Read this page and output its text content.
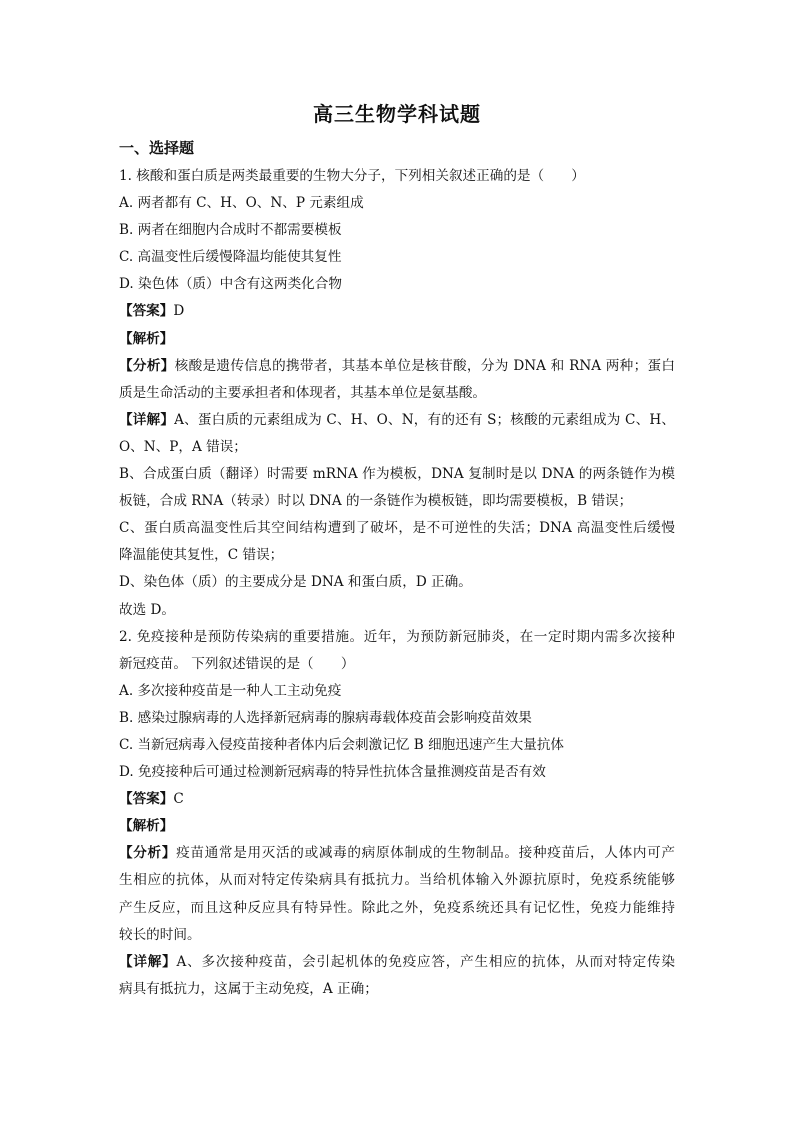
高三生物学科试题
一、选择题

1. 核酸和蛋白质是两类最重要的生物大分子，下列相关叙述正确的是（　　）

A. 两者都有 C、H、O、N、P 元素组成

B. 两者在细胞内合成时不都需要模板

C. 高温变性后缓慢降温均能使其复性

D. 染色体（质）中含有这两类化合物

【答案】D

【解析】

【分析】核酸是遗传信息的携带者，其基本单位是核苷酸，分为 DNA 和 RNA 两种；蛋白

质是生命活动的主要承担者和体现者，其基本单位是氨基酸。

【详解】A、蛋白质的元素组成为 C、H、O、N，有的还有 S；核酸的元素组成为 C、H、

O、N、P，A 错误；

B、合成蛋白质（翻译）时需要 mRNA 作为模板，DNA 复制时是以 DNA 的两条链作为模

板链，合成 RNA（转录）时以 DNA 的一条链作为模板链，即均需要模板，B 错误；

C、蛋白质高温变性后其空间结构遭到了破坏，是不可逆性的失活；DNA 高温变性后缓慢

降温能使其复性，C 错误；

D、染色体（质）的主要成分是 DNA 和蛋白质，D 正确。

故选 D。

2. 免疫接种是预防传染病的重要措施。近年，为预防新冠肺炎，在一定时期内需多次接种

新冠疫苗。 下列叙述错误的是（　　）

A. 多次接种疫苗是一种人工主动免疫

B. 感染过腺病毒的人选择新冠病毒的腺病毒载体疫苗会影响疫苗效果

C. 当新冠病毒入侵疫苗接种者体内后会刺激记忆 B 细胞迅速产生大量抗体

D. 免疫接种后可通过检测新冠病毒的特异性抗体含量推测疫苗是否有效

【答案】C

【解析】

【分析】疫苗通常是用灭活的或减毒的病原体制成的生物制品。接种疫苗后，人体内可产

生相应的抗体，从而对特定传染病具有抵抗力。当给机体输入外源抗原时，免疫系统能够

产生反应，而且这种反应具有特异性。除此之外，免疫系统还具有记忆性，免疫力能维持

较长的时间。

【详解】A、多次接种疫苗，会引起机体的免疫应答，产生相应的抗体，从而对特定传染

病具有抵抗力，这属于主动免疫，A 正确；
